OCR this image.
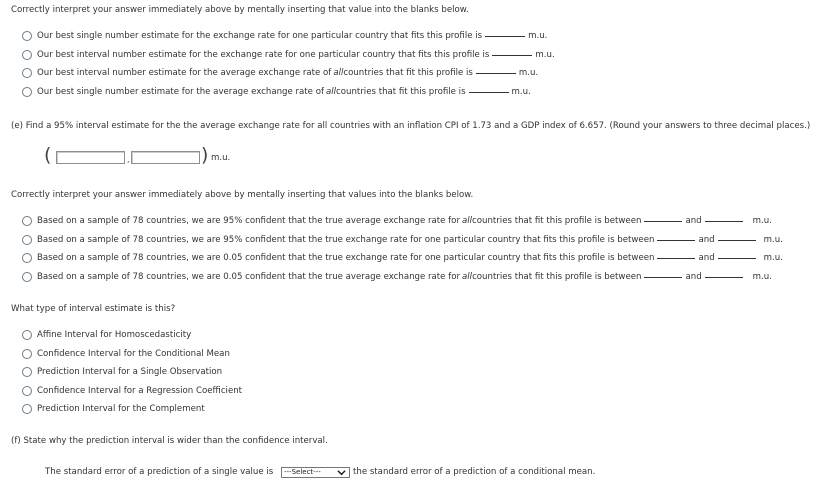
Correctly interpret your answer immediately above by mentally inserting that value into the blanks below.
Our best single number estimate for the exchange rate for one particular country that fits this profile is	m.u.
Our best interval number estimate for the exchange rate for one particular country that fits this profile is	m.u.
Our best interval number estimate for the average exchange rate of all countries that fit this profile is	m.u.
Our best single number estimate for the average exchange rate of all countries that fit this profile is	m.u.
(e) Find a 95% interval estimate for the the average exchange rate for all countries with an inflation CPI of 1.73 and a GDP index of 6.657. (Round your answers to three decimal places.)
(	,	) m.u.
Correctly interpret your answer immediately above by mentally inserting that values into the blanks below.
Based on a sample of 78 countries, we are 95% confident that the true average exchange rate for all countries that fit this profile is between	and	m.u.
Based on a sample of 78 countries, we are 95% confident that the true exchange rate for one particular country that fits this profile is between	and	m.u.
Based on a sample of 78 countries, we are 0.05 confident that the true exchange rate for one particular country that fits this profile is between	and	m.u.
Based on a sample of 78 countries, we are 0.05 confident that the true average exchange rate for all countries that fit this profile is between	and	m.u.
What type of interval estimate is this?
Affine Interval for Homoscedasticity
Confidence Interval for the Conditional Mean
Prediction Interval for a Single Observation
Confidence Interval for a Regression Coefficient
Prediction Interval for the Complement
(f) State why the prediction interval is wider than the confidence interval.
The standard error of a prediction of a single value is	---Select---	the standard error of a prediction of a conditional mean.
